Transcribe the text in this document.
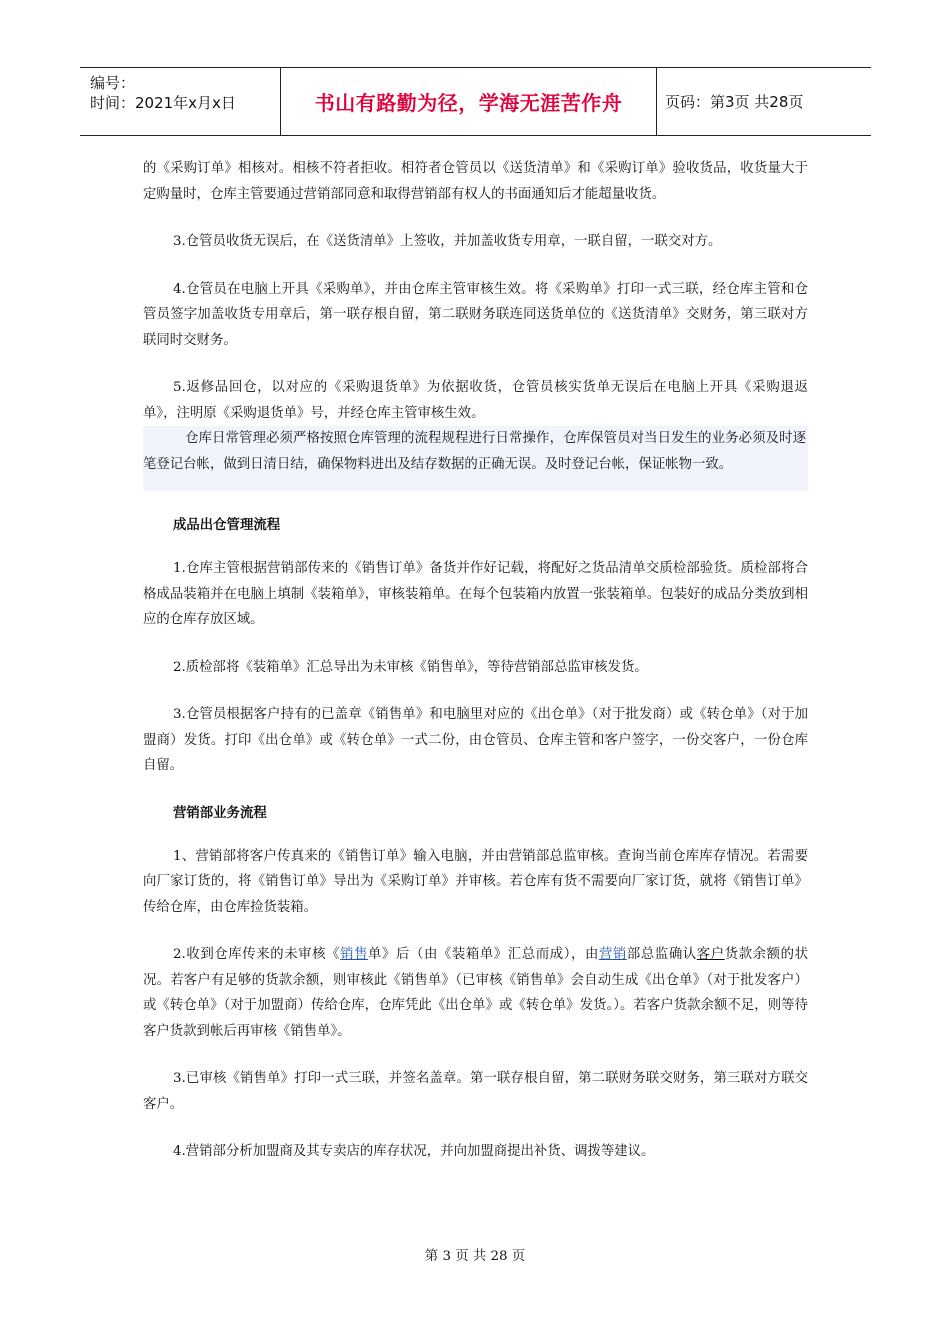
编号：
时间：2021年x月x日	书山有路勤为径，学海无涯苦作舟	页码：第3页 共28页

的《采购订单》相核对。相核不符者拒收。相符者仓管员以《送货清单》和《采购订单》验收货品，收货量大于定购量时，仓库主管要通过营销部同意和取得营销部有权人的书面通知后才能超量收货。

3.仓管员收货无误后，在《送货清单》上签收，并加盖收货专用章，一联自留，一联交对方。

4.仓管员在电脑上开具《采购单》，并由仓库主管审核生效。将《采购单》打印一式三联，经仓库主管和仓管员签字加盖收货专用章后，第一联存根自留，第二联财务联连同送货单位的《送货清单》交财务，第三联对方联同时交财务。

5.返修品回仓，以对应的《采购退货单》为依据收货，仓管员核实货单无误后在电脑上开具《采购退返单》，注明原《采购退货单》号，并经仓库主管审核生效。

仓库日常管理必须严格按照仓库管理的流程规程进行日常操作，仓库保管员对当日发生的业务必须及时逐笔登记台帐，做到日清日结，确保物料进出及结存数据的正确无误。及时登记台帐，保证帐物一致。

成品出仓管理流程

1.仓库主管根据营销部传来的《销售订单》备货并作好记载，将配好之货品清单交质检部验货。质检部将合格成品装箱并在电脑上填制《装箱单》，审核装箱单。在每个包装箱内放置一张装箱单。包装好的成品分类放到相应的仓库存放区域。

2.质检部将《装箱单》汇总导出为未审核《销售单》，等待营销部总监审核发货。

3.仓管员根据客户持有的已盖章《销售单》和电脑里对应的《出仓单》（对于批发商）或《转仓单》（对于加盟商）发货。打印《出仓单》或《转仓单》一式二份，由仓管员、仓库主管和客户签字，一份交客户，一份仓库自留。

营销部业务流程

1、营销部将客户传真来的《销售订单》输入电脑，并由营销部总监审核。查询当前仓库库存情况。若需要向厂家订货的，将《销售订单》导出为《采购订单》并审核。若仓库有货不需要向厂家订货，就将《销售订单》传给仓库，由仓库捡货装箱。

2.收到仓库传来的未审核《销售单》后（由《装箱单》汇总而成），由营销部总监确认客户货款余额的状况。若客户有足够的货款余额，则审核此《销售单》（已审核《销售单》会自动生成《出仓单》（对于批发客户）或《转仓单》（对于加盟商）传给仓库，仓库凭此《出仓单》或《转仓单》发货。）。若客户货款余额不足，则等待客户货款到帐后再审核《销售单》。

3.已审核《销售单》打印一式三联，并签名盖章。第一联存根自留，第二联财务联交财务，第三联对方联交客户。

4.营销部分析加盟商及其专卖店的库存状况，并向加盟商提出补货、调拨等建议。

第 3 页 共 28 页
